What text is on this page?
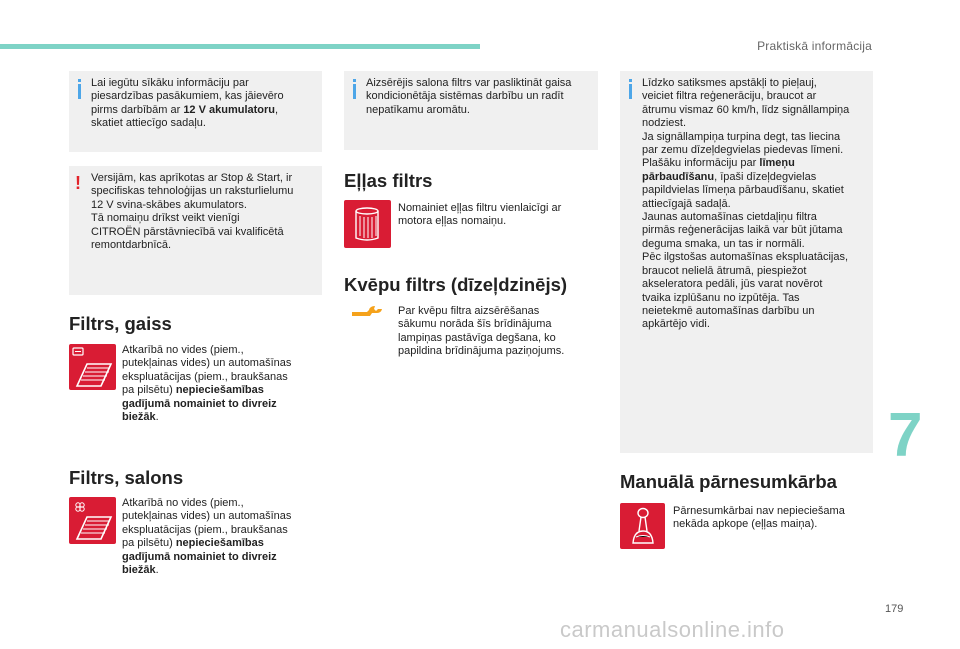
Praktiskā informācija

Lai iegūtu sīkāku informāciju par
piesardzības pasākumiem, kas jāievēro
pirms darbībām ar 12 V akumulatoru,
skatiet attiecīgo sadaļu.

! Versijām, kas aprīkotas ar Stop & Start, ir
specifiskas tehnoloģijas un raksturlielumu
12 V svina-skābes akumulators.
Tā nomaiņu drīkst veikt vienīgi
CITROËN pārstāvniecībā vai kvalificētā
remontdarbnīcā.

Filtrs, gaiss
Atkarībā no vides (piem.,
putekļainas vides) un automašīnas
ekspluatācijas (piem., braukšanas
pa pilsētu) nepieciešamības
gadījumā nomainiet to divreiz
biežāk.
Filtrs, salons
Atkarībā no vides (piem.,
putekļainas vides) un automašīnas
ekspluatācijas (piem., braukšanas
pa pilsētu) nepieciešamības
gadījumā nomainiet to divreiz
biežāk.

Aizsērējis salona filtrs var pasliktināt gaisa
kondicionētāja sistēmas darbību un radīt
nepatīkamu aromātu.

Eļļas filtrs
Nomainiet eļļas filtru vienlaicīgi ar
motora eļļas nomaiņu.
Kvēpu filtrs (dīzeļdzinējs)
Par kvēpu filtra aizsērēšanas
sākumu norāda šīs brīdinājuma
lampiņas pastāvīga degšana, ko
papildina brīdinājuma paziņojums.

Līdzko satiksmes apstākļi to pieļauj,
veiciet filtra reģenerāciju, braucot ar
ātrumu vismaz 60 km/h, līdz signāllampiņa
nodziest.
Ja signāllampiņa turpina degt, tas liecina
par zemu dīzeļdegvielas piedevas līmeni.
Plašāku informāciju par līmeņu
pārbaudīšanu, īpaši dīzeļdegvielas
papildvielas līmeņa pārbaudīšanu, skatiet
attiecīgajā sadaļā.
Jaunas automašīnas cietdaļiņu filtra
pirmās reģenerācijas laikā var būt jūtama
deguma smaka, un tas ir normāli.
Pēc ilgstošas automašīnas ekspluatācijas,
braucot nelielā ātrumā, piespiežot
akseleratora pedāli, jūs varat novērot
tvaika izplūšanu no izpūtēja. Tas
neietekmē automašīnas darbību un
apkārtējo vidi.

Manuālā pārnesumkārba
Pārnesumkārbai nav nepieciešama
nekāda apkope (eļļas maiņa).
7
179
carmanualsonline.info
